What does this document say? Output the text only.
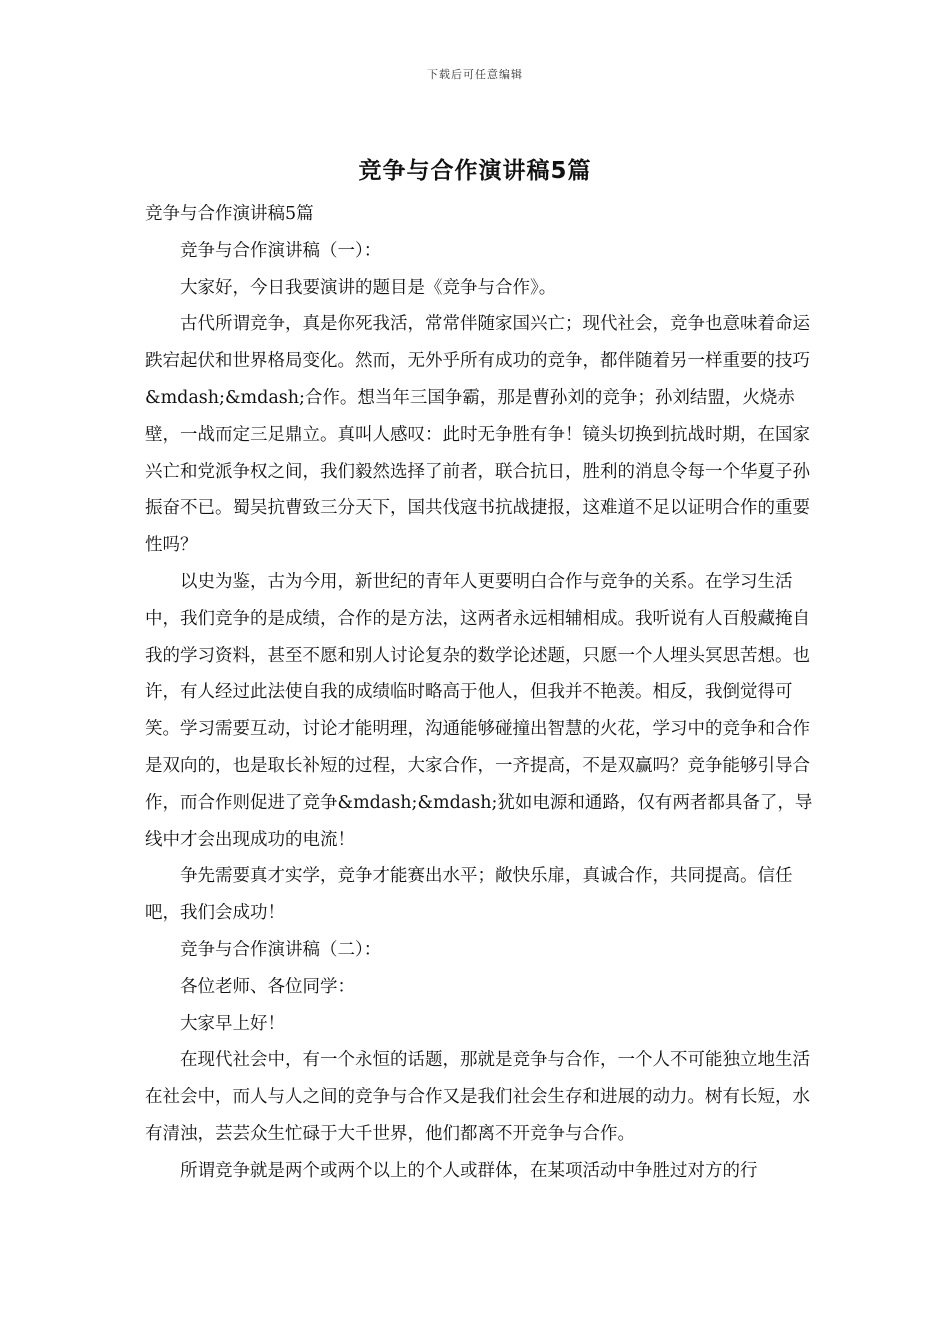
下载后可任意编辑
竞争与合作演讲稿5篇

竞争与合作演讲稿5篇

竞争与合作演讲稿（一）：

大家好，今日我要演讲的题目是《竞争与合作》。

古代所谓竞争，真是你死我活，常常伴随家国兴亡；现代社会，竞争也意味着命运跌宕起伏和世界格局变化。然而，无外乎所有成功的竞争，都伴随着另一样重要的技巧&mdash;&mdash;合作。想当年三国争霸，那是曹孙刘的竞争；孙刘结盟，火烧赤壁，一战而定三足鼎立。真叫人感叹：此时无争胜有争！镜头切换到抗战时期，在国家兴亡和党派争权之间，我们毅然选择了前者，联合抗日，胜利的消息令每一个华夏子孙振奋不已。蜀吴抗曹致三分天下，国共伐寇书抗战捷报，这难道不足以证明合作的重要性吗？

以史为鉴，古为今用，新世纪的青年人更要明白合作与竞争的关系。在学习生活中，我们竞争的是成绩，合作的是方法，这两者永远相辅相成。我听说有人百般藏掩自我的学习资料，甚至不愿和别人讨论复杂的数学论述题，只愿一个人埋头冥思苦想。也许，有人经过此法使自我的成绩临时略高于他人，但我并不艳羡。相反，我倒觉得可笑。学习需要互动，讨论才能明理，沟通能够碰撞出智慧的火花，学习中的竞争和合作是双向的，也是取长补短的过程，大家合作，一齐提高，不是双赢吗？竞争能够引导合作，而合作则促进了竞争&mdash;&mdash;犹如电源和通路，仅有两者都具备了，导线中才会出现成功的电流！

争先需要真才实学，竞争才能赛出水平；敞快乐扉，真诚合作，共同提高。信任吧，我们会成功！

竞争与合作演讲稿（二）：

各位老师、各位同学：

大家早上好！

在现代社会中，有一个永恒的话题，那就是竞争与合作，一个人不可能独立地生活在社会中，而人与人之间的竞争与合作又是我们社会生存和进展的动力。树有长短，水有清浊，芸芸众生忙碌于大千世界，他们都离不开竞争与合作。

所谓竞争就是两个或两个以上的个人或群体，在某项活动中争胜过对方的行
